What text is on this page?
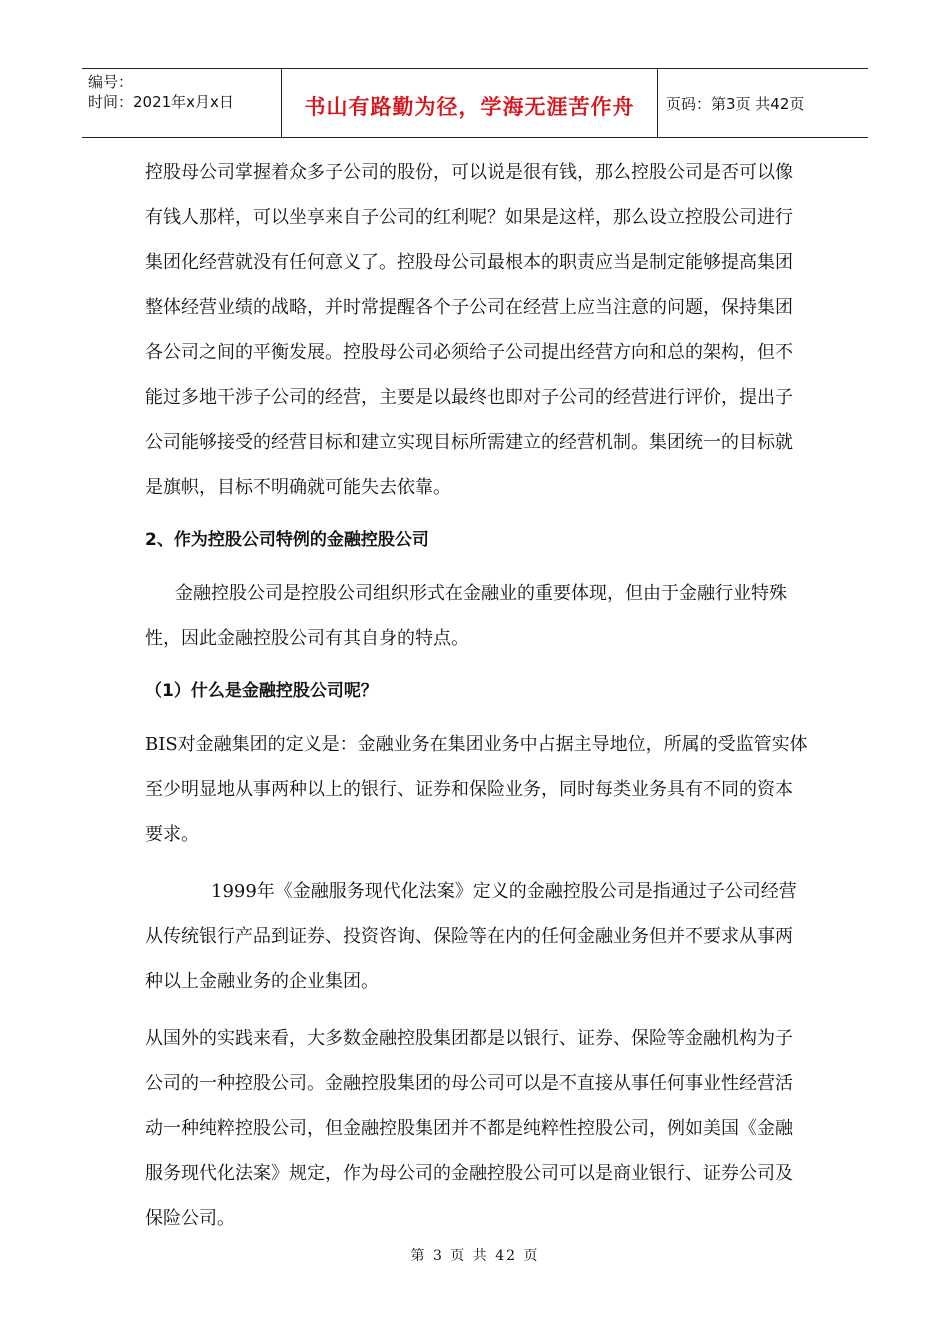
编号：
时间：2021年x月x日	书山有路勤为径，学海无涯苦作舟 页码：第3页 共42页

控股母公司掌握着众多子公司的股份，可以说是很有钱，那么控股公司是否可以像有钱人那样，可以坐享来自子公司的红利呢？如果是这样，那么设立控股公司进行集团化经营就没有任何意义了。控股母公司最根本的职责应当是制定能够提高集团整体经营业绩的战略，并时常提醒各个子公司在经营上应当注意的问题，保持集团各公司之间的平衡发展。控股母公司必须给子公司提出经营方向和总的架构，但不能过多地干涉子公司的经营，主要是以最终也即对子公司的经营进行评价，提出子公司能够接受的经营目标和建立实现目标所需建立的经营机制。集团统一的目标就是旗帜，目标不明确就可能失去依靠。

2、作为控股公司特例的金融控股公司

金融控股公司是控股公司组织形式在金融业的重要体现，但由于金融行业特殊性，因此金融控股公司有其自身的特点。

（1）什么是金融控股公司呢？

BIS对金融集团的定义是：金融业务在集团业务中占据主导地位，所属的受监管实体至少明显地从事两种以上的银行、证券和保险业务，同时每类业务具有不同的资本要求。

1999年《金融服务现代化法案》定义的金融控股公司是指通过子公司经营从传统银行产品到证券、投资咨询、保险等在内的任何金融业务但并不要求从事两种以上金融业务的企业集团。

从国外的实践来看，大多数金融控股集团都是以银行、证券、保险等金融机构为子公司的一种控股公司。金融控股集团的母公司可以是不直接从事任何事业性经营活动一种纯粹控股公司，但金融控股集团并不都是纯粹性控股公司，例如美国《金融服务现代化法案》规定，作为母公司的金融控股公司可以是商业银行、证券公司及保险公司。

第 3 页 共 42 页
